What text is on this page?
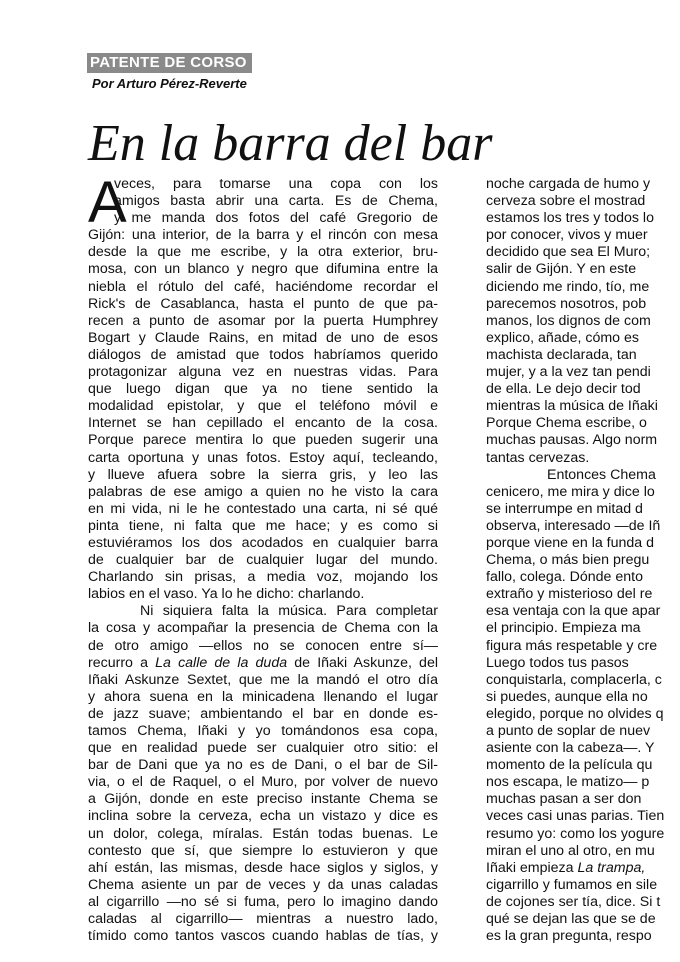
PATENTE DE CORSO
Por Arturo Pérez-Reverte
En la barra del bar
A
veces, para tomarse una copa con los
amigos basta abrir una carta. Es de Chema,
y me manda dos fotos del café Gregorio de
Gijón: una interior, de la barra y el rincón con mesa
desde la que me escribe, y la otra exterior, bru-
mosa, con un blanco y negro que difumina entre la
niebla el rótulo del café, haciéndome recordar el
Rick's de Casablanca, hasta el punto de que pa-
recen a punto de asomar por la puerta Humphrey
Bogart y Claude Rains, en mitad de uno de esos
diálogos de amistad que todos habríamos querido
protagonizar alguna vez en nuestras vidas. Para
que luego digan que ya no tiene sentido la
modalidad epistolar, y que el teléfono móvil e
Internet se han cepillado el encanto de la cosa.
Porque parece mentira lo que pueden sugerir una
carta oportuna y unas fotos. Estoy aquí, tecleando,
y llueve afuera sobre la sierra gris, y leo las
palabras de ese amigo a quien no he visto la cara
en mi vida, ni le he contestado una carta, ni sé qué
pinta tiene, ni falta que me hace; y es como si
estuviéramos los dos acodados en cualquier barra
de cualquier bar de cualquier lugar del mundo.
Charlando sin prisas, a media voz, mojando los
labios en el vaso. Ya lo he dicho: charlando.
Ni siquiera falta la música. Para completar
la cosa y acompañar la presencia de Chema con la
de otro amigo —ellos no se conocen entre sí—
recurro a La calle de la duda de Iñaki Askunze, del
Iñaki Askunze Sextet, que me la mandó el otro día
y ahora suena en la minicadena llenando el lugar
de jazz suave; ambientando el bar en donde es-
tamos Chema, Iñaki y yo tomándonos esa copa,
que en realidad puede ser cualquier otro sitio: el
bar de Dani que ya no es de Dani, o el bar de Sil-
via, o el de Raquel, o el Muro, por volver de nuevo
a Gijón, donde en este preciso instante Chema se
inclina sobre la cerveza, echa un vistazo y dice es
un dolor, colega, míralas. Están todas buenas. Le
contesto que sí, que siempre lo estuvieron y que
ahí están, las mismas, desde hace siglos y siglos, y
Chema asiente un par de veces y da unas caladas
al cigarrillo —no sé si fuma, pero lo imagino dando
caladas al cigarrillo— mientras a nuestro lado,
tímido como tantos vascos cuando hablas de tías, y
noche cargada de humo y
cerveza sobre el mostrad
estamos los tres y todos lo
por conocer, vivos y muer
decidido que sea El Muro;
salir de Gijón. Y en este
diciendo me rindo, tío, me
parecemos nosotros, pob
manos, los dignos de com
explico, añade, cómo es
machista declarada, tan
mujer, y a la vez tan pendi
de ella. Le dejo decir tod
mientras la música de Iñaki
Porque Chema escribe, o
muchas pausas. Algo norm
tantas cervezas.
Entonces Chema
cenicero, me mira y dice lo
se interrumpe en mitad d
observa, interesado —de Iñ
porque viene en la funda d
Chema, o más bien pregu
fallo, colega. Dónde ento
extraño y misterioso del re
esa ventaja con la que apar
el principio. Empieza ma
figura más respetable y cre
Luego todos tus pasos
conquistarla, complacerla, c
si puedes, aunque ella no
elegido, porque no olvides q
a punto de soplar de nuev
asiente con la cabeza—. Y
momento de la película qu
nos escapa, le matizo— p
muchas pasan a ser don
veces casi unas parias. Tien
resumo yo: como los yogure
miran el uno al otro, en mu
Iñaki empieza La trampa,
cigarrillo y fumamos en sile
de cojones ser tía, dice. Si t
qué se dejan las que se de
es la gran pregunta, respo
